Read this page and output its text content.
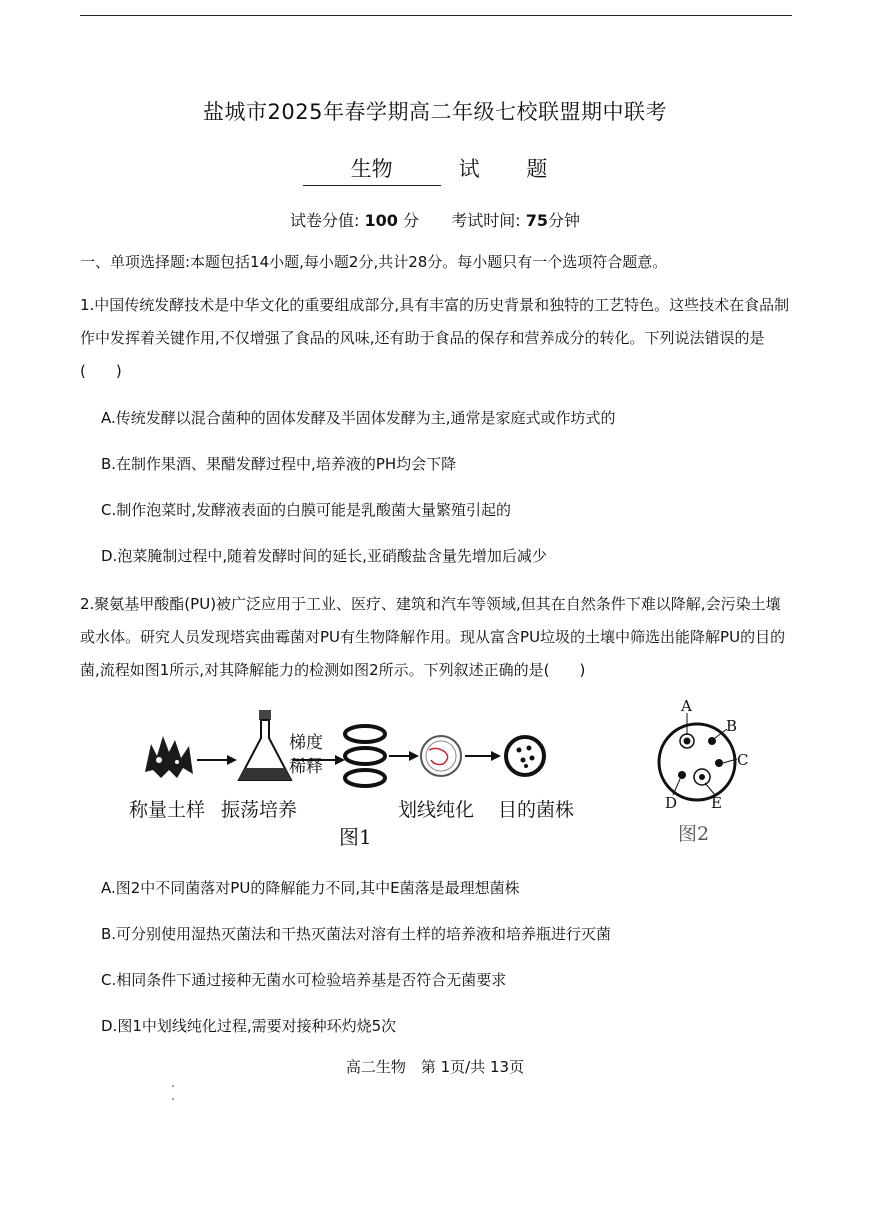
盐城市2025年春学期高二年级七校联盟期中联考
生物	试 题
试卷分值: 100 分 考试时间: 75分钟
一、单项选择题:本题包括14小题,每小题2分,共计28分。每小题只有一个选项符合题意。
1.中国传统发酵技术是中华文化的重要组成部分,具有丰富的历史背景和独特的工艺特色。这些技术在食品制作中发挥着关键作用,不仅增强了食品的风味,还有助于食品的保存和营养成分的转化。下列说法错误的是(　　)
A.传统发酵以混合菌种的固体发酵及半固体发酵为主,通常是家庭式或作坊式的
B.在制作果酒、果醋发酵过程中,培养液的PH均会下降
C.制作泡菜时,发酵液表面的白膜可能是乳酸菌大量繁殖引起的
D.泡菜腌制过程中,随着发酵时间的延长,亚硝酸盐含量先增加后减少
2.聚氨基甲酸酯(PU)被广泛应用于工业、医疗、建筑和汽车等领域,但其在自然条件下难以降解,会污染土壤或水体。研究人员发现塔宾曲霉菌对PU有生物降解作用。现从富含PU垃圾的土壤中筛选出能降解PU的目的菌,流程如图1所示,对其降解能力的检测如图2所示。下列叙述正确的是(　　)
梯度
稀释
称量土样 振荡培养	划线纯化 目的菌株
图1
A
B
C
D E
图2
A.图2中不同菌落对PU的降解能力不同,其中E菌落是最理想菌株
B.可分别使用湿热灭菌法和干热灭菌法对溶有土样的培养液和培养瓶进行灭菌
C.相同条件下通过接种无菌水可检验培养基是否符合无菌要求
D.图1中划线纯化过程,需要对接种环灼烧5次
高二生物　第 1页/共 13页
